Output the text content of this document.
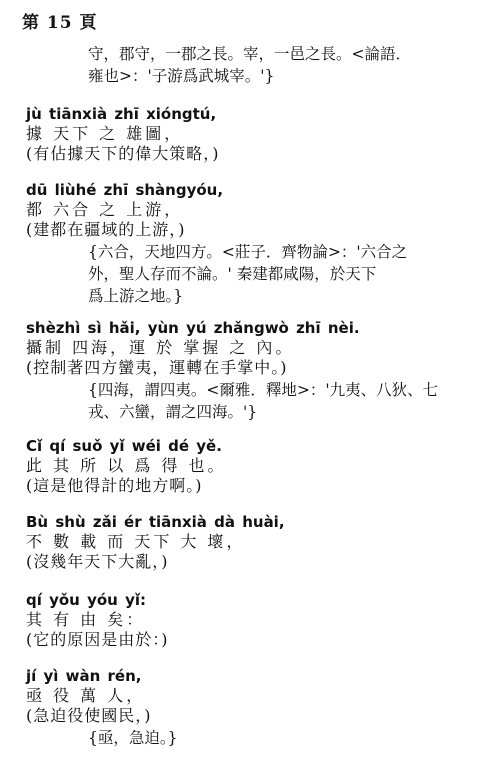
第 15 頁
守，郡守，一郡之長。宰，一邑之長。<論語．
雍也>：'子游爲武城宰。'}
jù tiānxià zhī xióngtú,
據 天下 之 雄圖，
(有佔據天下的偉大策略，)
dū liùhé zhī shàngyóu,
都 六合 之 上游，
(建都在疆域的上游，)
{六合，天地四方。<莊子．齊物論>：'六合之
外，聖人存而不論。' 秦建都咸陽，於天下
爲上游之地。}
shèzhì sì hǎi, yùn yú zhǎngwò zhī nèi.
攝制 四海，運 於 掌握 之 內。
(控制著四方蠻夷，運轉在手掌中。)
{四海，謂四夷。<爾雅．釋地>：'九夷、八狄、七
戎、六蠻，謂之四海。'}
Cǐ qí suǒ yǐ wéi dé yě.
此 其 所 以 爲 得 也。
(這是他得計的地方啊。)
Bù shù zǎi ér tiānxià dà huài,
不 數 載 而 天下 大 壞，
(沒幾年天下大亂，)
qí yǒu yóu yǐ:
其 有 由 矣：
(它的原因是由於：)
jí yì wàn rén,
亟 役 萬 人，
(急迫役使國民，)
{亟，急迫。}
